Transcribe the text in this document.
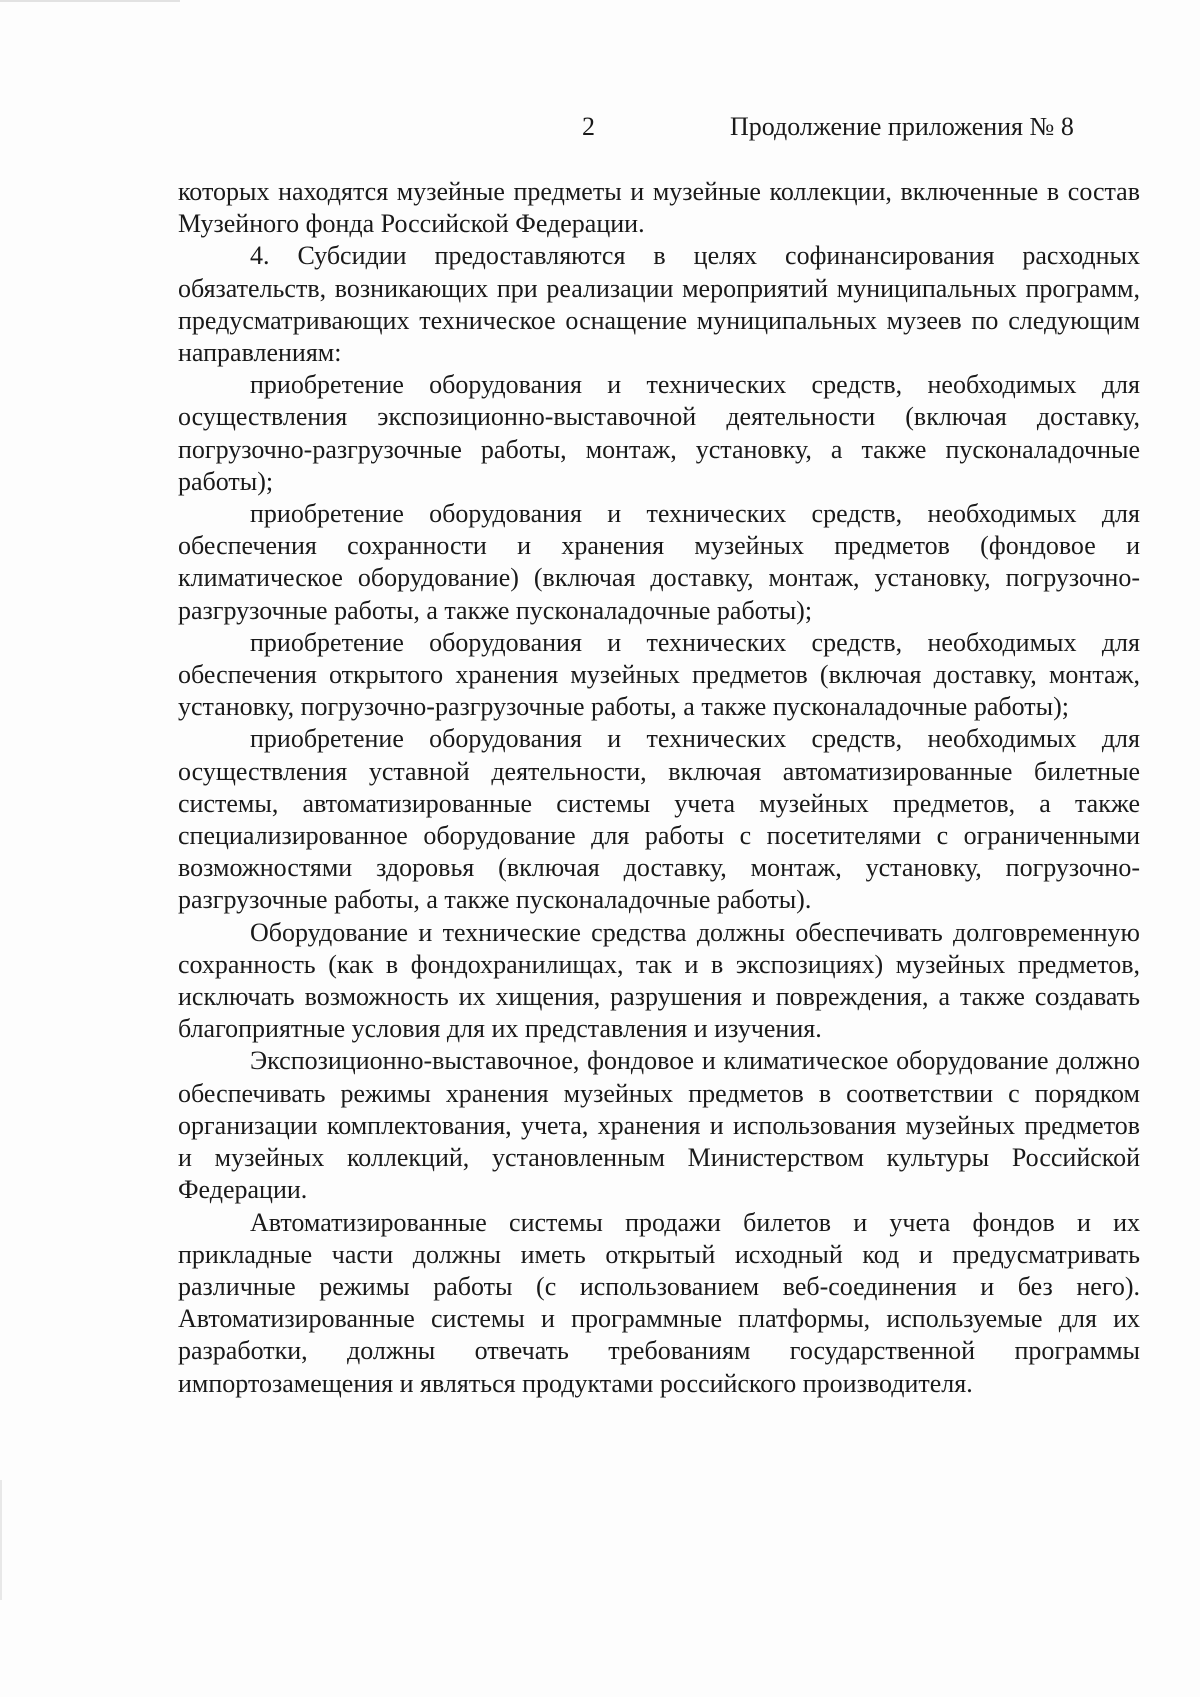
2	Продолжение приложения № 8

которых находятся музейные предметы и музейные коллекции, включенные в состав Музейного фонда Российской Федерации.

4. Субсидии предоставляются в целях софинансирования расходных обязательств, возникающих при реализации мероприятий муниципальных программ, предусматривающих техническое оснащение муниципальных музеев по следующим направлениям:

приобретение оборудования и технических средств, необходимых для осуществления экспозиционно-выставочной деятельности (включая доставку, погрузочно-разгрузочные работы, монтаж, установку, а также пусконаладочные работы);

приобретение оборудования и технических средств, необходимых для обеспечения сохранности и хранения музейных предметов (фондовое и климатическое оборудование) (включая доставку, монтаж, установку, погрузочно-разгрузочные работы, а также пусконаладочные работы);

приобретение оборудования и технических средств, необходимых для обеспечения открытого хранения музейных предметов (включая доставку, монтаж, установку, погрузочно-разгрузочные работы, а также пусконаладочные работы);

приобретение оборудования и технических средств, необходимых для осуществления уставной деятельности, включая автоматизированные билетные системы, автоматизированные системы учета музейных предметов, а также специализированное оборудование для работы с посетителями с ограниченными возможностями здоровья (включая доставку, монтаж, установку, погрузочно-разгрузочные работы, а также пусконаладочные работы).

Оборудование и технические средства должны обеспечивать долговременную сохранность (как в фондохранилищах, так и в экспозициях) музейных предметов, исключать возможность их хищения, разрушения и повреждения, а также создавать благоприятные условия для их представления и изучения.

Экспозиционно-выставочное, фондовое и климатическое оборудование должно обеспечивать режимы хранения музейных предметов в соответствии с порядком организации комплектования, учета, хранения и использования музейных предметов и музейных коллекций, установленным Министерством культуры Российской Федерации.

Автоматизированные системы продажи билетов и учета фондов и их прикладные части должны иметь открытый исходный код и предусматривать различные режимы работы (с использованием веб-соединения и без него). Автоматизированные системы и программные платформы, используемые для их разработки, должны отвечать требованиям государственной программы импортозамещения и являться продуктами российского производителя.
